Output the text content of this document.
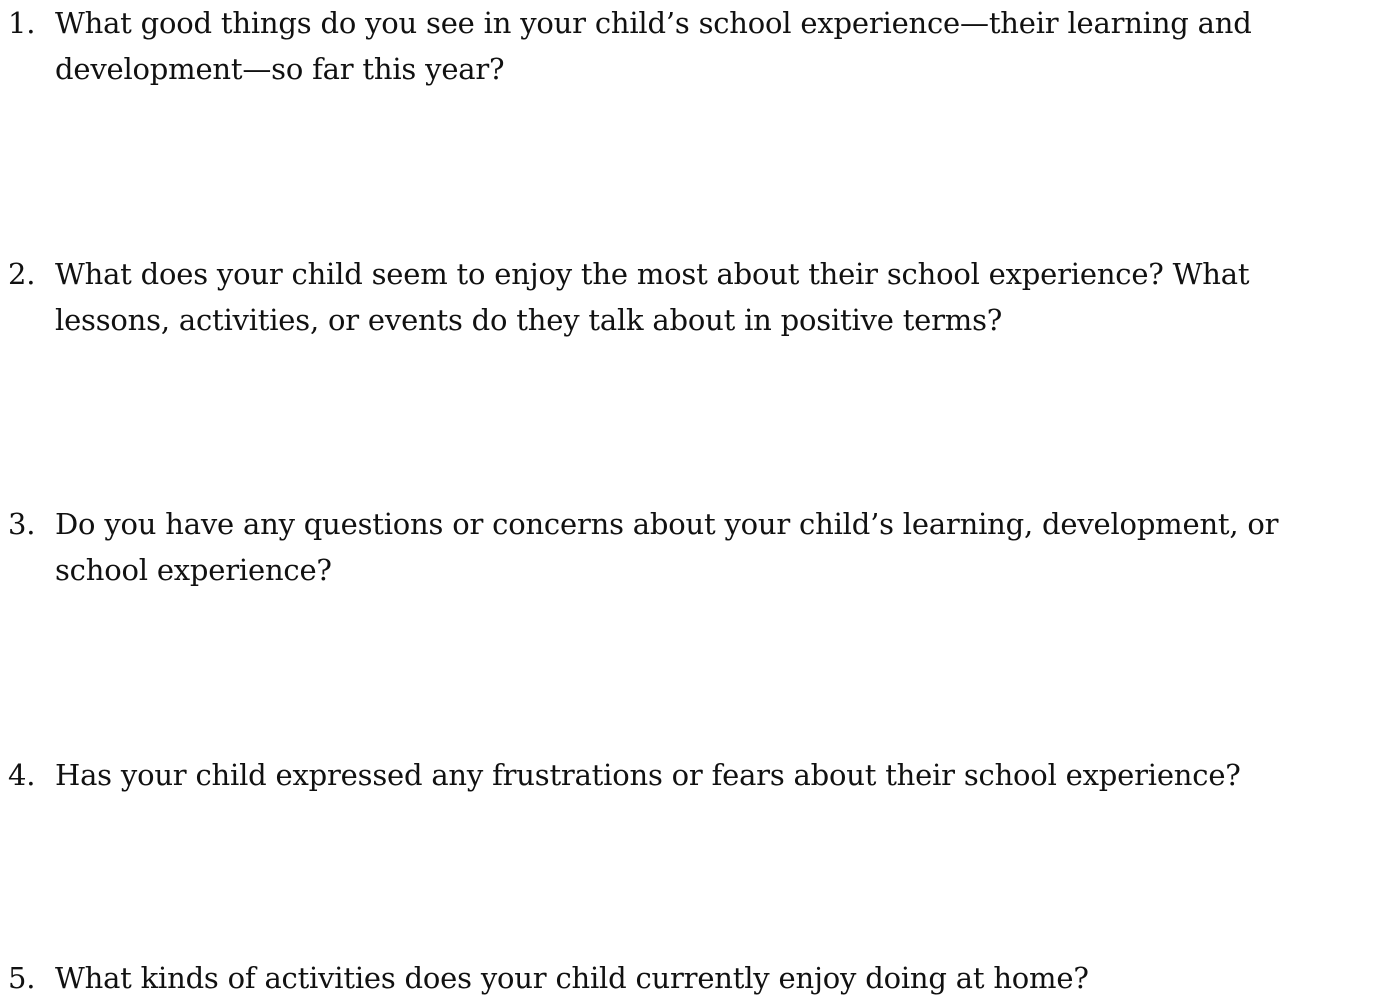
1. What good things do you see in your child’s school experience—their learning and development—so far this year?
2. What does your child seem to enjoy the most about their school experience? What lessons, activities, or events do they talk about in positive terms?
3. Do you have any questions or concerns about your child’s learning, development, or school experience?
4. Has your child expressed any frustrations or fears about their school experience?
5. What kinds of activities does your child currently enjoy doing at home?
